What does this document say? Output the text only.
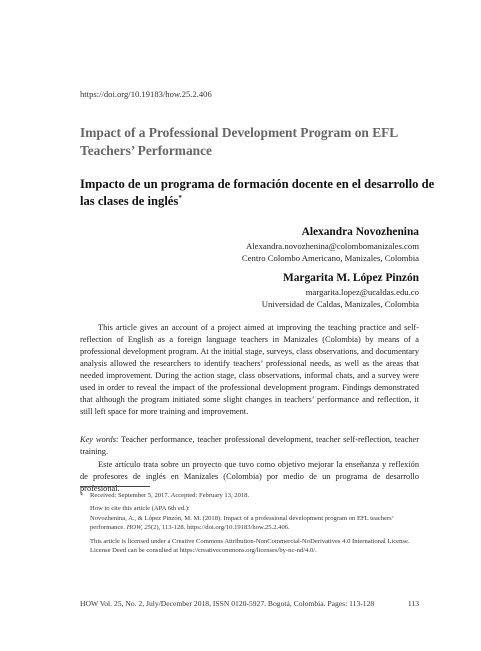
https://doi.org/10.19183/how.25.2.406
Impact of a Professional Development Program on EFL Teachers’ Performance
Impacto de un programa de formación docente en el desarrollo de las clases de inglés*
Alexandra Novozhenina
Alexandra.novozhenina@colombomanizales.com
Centro Colombo Americano, Manizales, Colombia
Margarita M. López Pinzón
margarita.lopez@ucaldas.edu.co
Universidad de Caldas, Manizales, Colombia

This article gives an account of a project aimed at improving the teaching practice and self-reflection of English as a foreign language teachers in Manizales (Colombia) by means of a professional development program. At the initial stage, surveys, class observations, and documentary analysis allowed the researchers to identify teachers’ professional needs, as well as the areas that needed improvement. During the action stage, class observations, informal chats, and a survey were used in order to reveal the impact of the professional development program. Findings demonstrated that although the program initiated some slight changes in teachers’ performance and reflection, it still left space for more training and improvement.

Key words: Teacher performance, teacher professional development, teacher self-reflection, teacher training.

Este artículo trata sobre un proyecto que tuvo como objetivo mejorar la enseñanza y reflexión de profesores de inglés en Manizales (Colombia) por medio de un programa de desarrollo profesional.

*	Received: September 5, 2017. Accepted: February 13, 2018.
How to cite this article (APA 6th ed.):
Novozhenina, A., & López Pinzón, M. M. (2018). Impact of a professional development program on EFL teachers’ performance. HOW, 25(2), 113-128. https://doi.org/10.19183/how.25.2.406.
This article is licensed under a Creative Commons Attribution-NonCommercial-NoDerivatives 4.0 International License. License Deed can be consulted at https://creativecommons.org/licenses/by-nc-nd/4.0/.
HOW Vol. 25, No. 2, July/December 2018, ISSN 0120-5927. Bogotá, Colombia. Pages: 113-128	113
